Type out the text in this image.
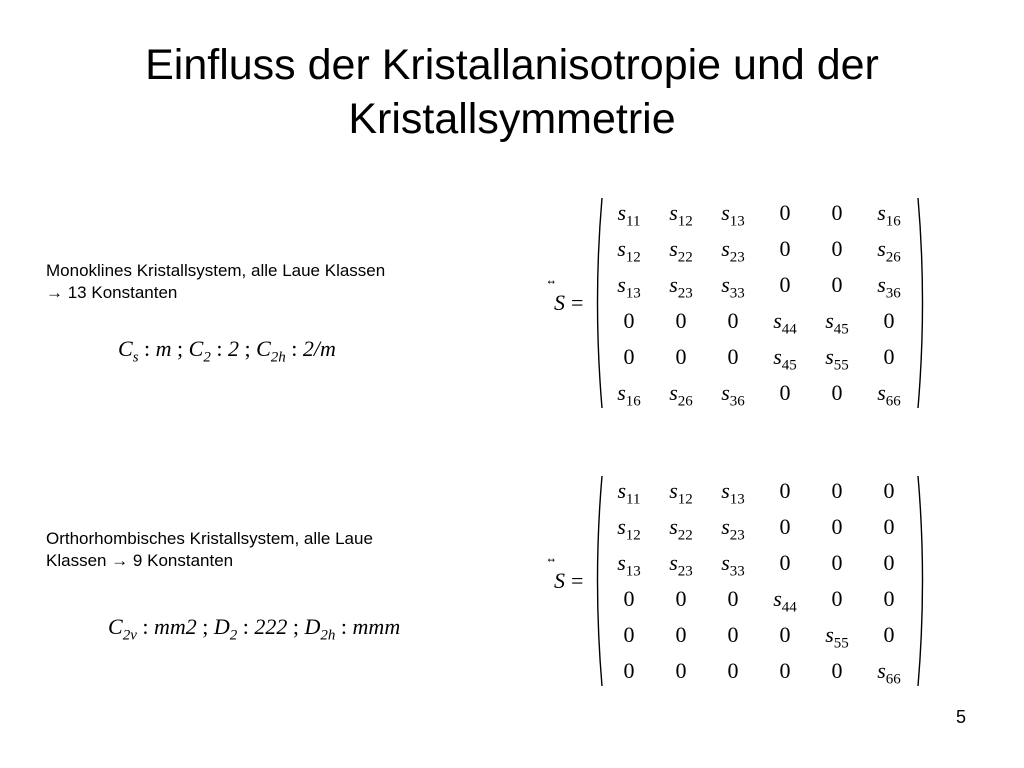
Einfluss der Kristallanisotropie und der
Kristallsymmetrie
Monoklines Kristallsystem, alle Laue Klassen
→ 13 Konstanten
$C_s$ : m ; $C_2$ : 2 ; $C_{2h}$ : 2/m
S =
$s_{11}$	$s_{12}$	$s_{13}$	0	0	$s_{16}$
$s_{12}$	$s_{22}$	$s_{23}$	0	0	$s_{26}$
$s_{13}$	$s_{23}$	$s_{33}$	0	0	$s_{36}$
0	0	0	$s_{44}$	$s_{45}$	0
0	0	0	$s_{45}$	$s_{55}$	0
$s_{16}$	$s_{26}$	$s_{36}$	0	0	$s_{66}$
Orthorhombisches Kristallsystem, alle Laue
Klassen → 9 Konstanten
$C_{2v}$ : mm2 ; $D_2$ : 222 ; $D_{2h}$ : mmm
S =
$s_{11}$	$s_{12}$	$s_{13}$	0	0	0
$s_{12}$	$s_{22}$	$s_{23}$	0	0	0
$s_{13}$	$s_{23}$	$s_{33}$	0	0	0
0	0	0	$s_{44}$	0	0
0	0	0	0	$s_{55}$	0
0	0	0	0	0	$s_{66}$
5
